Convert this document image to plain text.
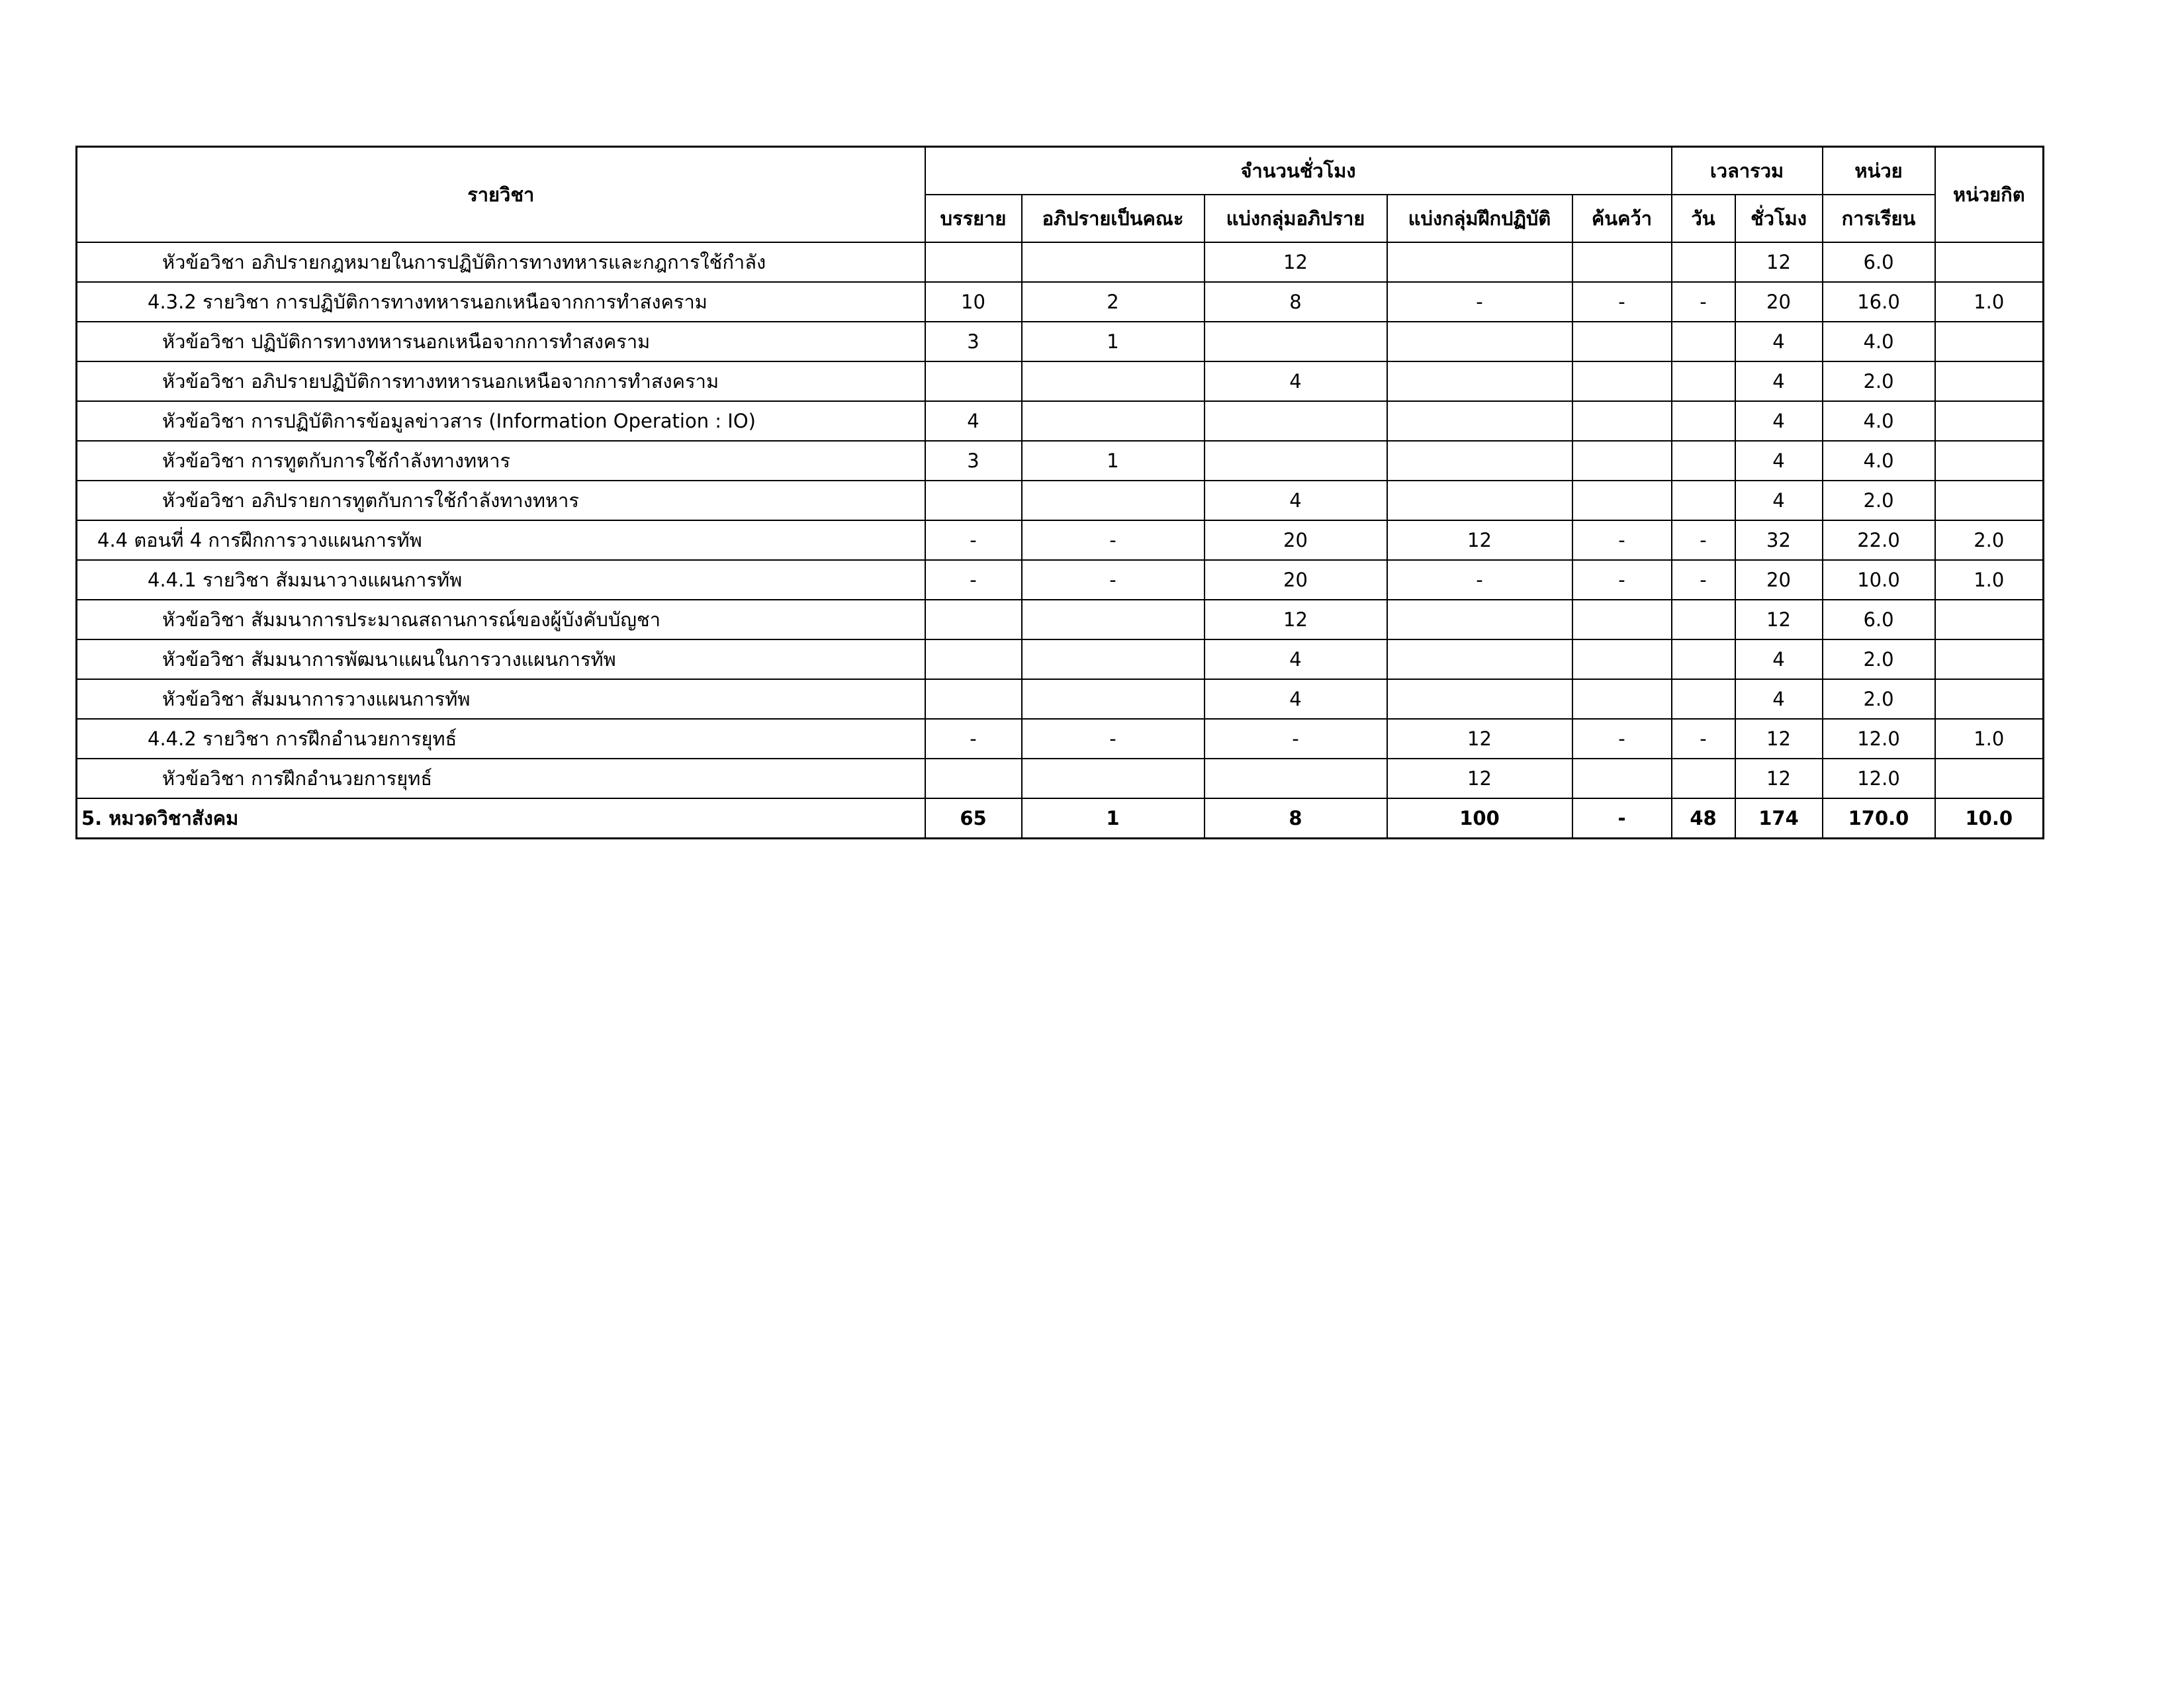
รายวิชา	จำนวนชั่วโมง					เวลารวม		หน่วย	หน่วยกิต
	บรรยาย	อภิปรายเป็นคณะ	แบ่งกลุ่มอภิปราย	แบ่งกลุ่มฝึกปฏิบัติ	ค้นคว้า	วัน	ชั่วโมง	การเรียน	
หัวข้อวิชา อภิปรายกฎหมายในการปฏิบัติการทางทหารและกฎการใช้กำลัง			12				12	6.0	
4.3.2 รายวิชา การปฏิบัติการทางทหารนอกเหนือจากการทำสงคราม	10	2	8	-	-	-	20	16.0	1.0
หัวข้อวิชา ปฏิบัติการทางทหารนอกเหนือจากการทำสงคราม	3	1					4	4.0	
หัวข้อวิชา อภิปรายปฏิบัติการทางทหารนอกเหนือจากการทำสงคราม			4				4	2.0	
หัวข้อวิชา การปฏิบัติการข้อมูลข่าวสาร (Information Operation : IO)	4						4	4.0	
หัวข้อวิชา การทูตกับการใช้กำลังทางทหาร	3	1					4	4.0	
หัวข้อวิชา อภิปรายการทูตกับการใช้กำลังทางทหาร			4				4	2.0	
4.4 ตอนที่ 4 การฝึกการวางแผนการทัพ	-	-	20	12	-	-	32	22.0	2.0
4.4.1 รายวิชา สัมมนาวางแผนการทัพ	-	-	20	-	-	-	20	10.0	1.0
หัวข้อวิชา สัมมนาการประมาณสถานการณ์ของผู้บังคับบัญชา			12				12	6.0	
หัวข้อวิชา สัมมนาการพัฒนาแผนในการวางแผนการทัพ			4				4	2.0	
หัวข้อวิชา สัมมนาการวางแผนการทัพ			4				4	2.0	
4.4.2 รายวิชา การฝึกอำนวยการยุทธ์	-	-	-	12	-	-	12	12.0	1.0
หัวข้อวิชา การฝึกอำนวยการยุทธ์				12			12	12.0	
5. หมวดวิชาสังคม	65	1	8	100	-	48	174	170.0	10.0
